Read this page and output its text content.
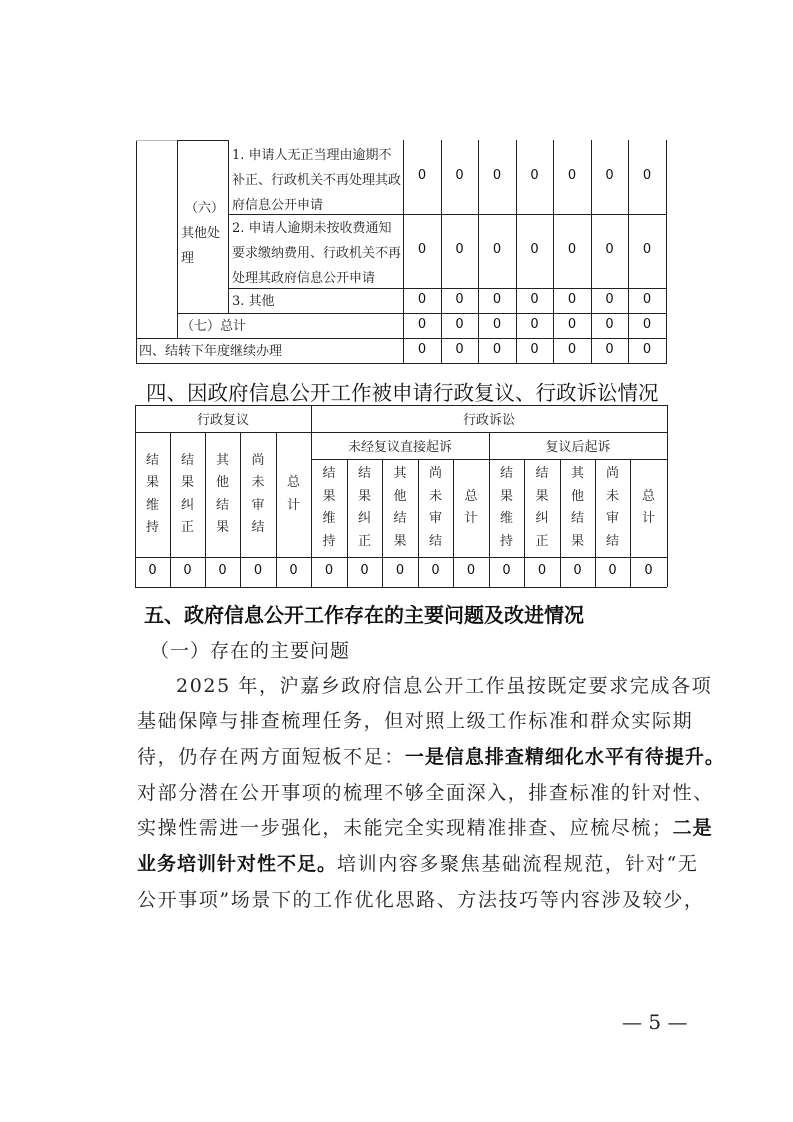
（六）
其他处
理
1. 申请人无正当理由逾期不
补正、行政机关不再处理其政
府信息公开申请
2. 申请人逾期未按收费通知
要求缴纳费用、行政机关不再
处理其政府信息公开申请
3. 其他
（七）总计
四、结转下年度继续办理
0	0	0	0	0	0	0
0	0	0	0	0	0	0
0	0	0	0	0	0	0
0	0	0	0	0	0	0
0	0	0	0	0	0	0
四、因政府信息公开工作被申请行政复议、行政诉讼情况
行政复议	行政诉讼
未经复议直接起诉	复议后起诉
结
果
维
持
结
果
纠
正
其
他
结
果
尚
未
审
结
总
计
结
果
维
持
结
果
纠
正
其
他
结
果
尚
未
审
结
总
计
结
果
维
持
结
果
纠
正
其
他
结
果
尚
未
审
结
总
计
0	0	0	0	0	0	0	0	0	0	0	0	0	0	0
五、政府信息公开工作存在的主要问题及改进情况
（一）存在的主要问题
2025 年，沪嘉乡政府信息公开工作虽按既定要求完成各项
基础保障与排查梳理任务，但对照上级工作标准和群众实际期
待，仍存在两方面短板不足：一是信息排查精细化水平有待提升。
对部分潜在公开事项的梳理不够全面深入，排查标准的针对性、
实操性需进一步强化，未能完全实现精准排查、应梳尽梳；二是
业务培训针对性不足。培训内容多聚焦基础流程规范，针对“无
公开事项”场景下的工作优化思路、方法技巧等内容涉及较少，
— 5 —
